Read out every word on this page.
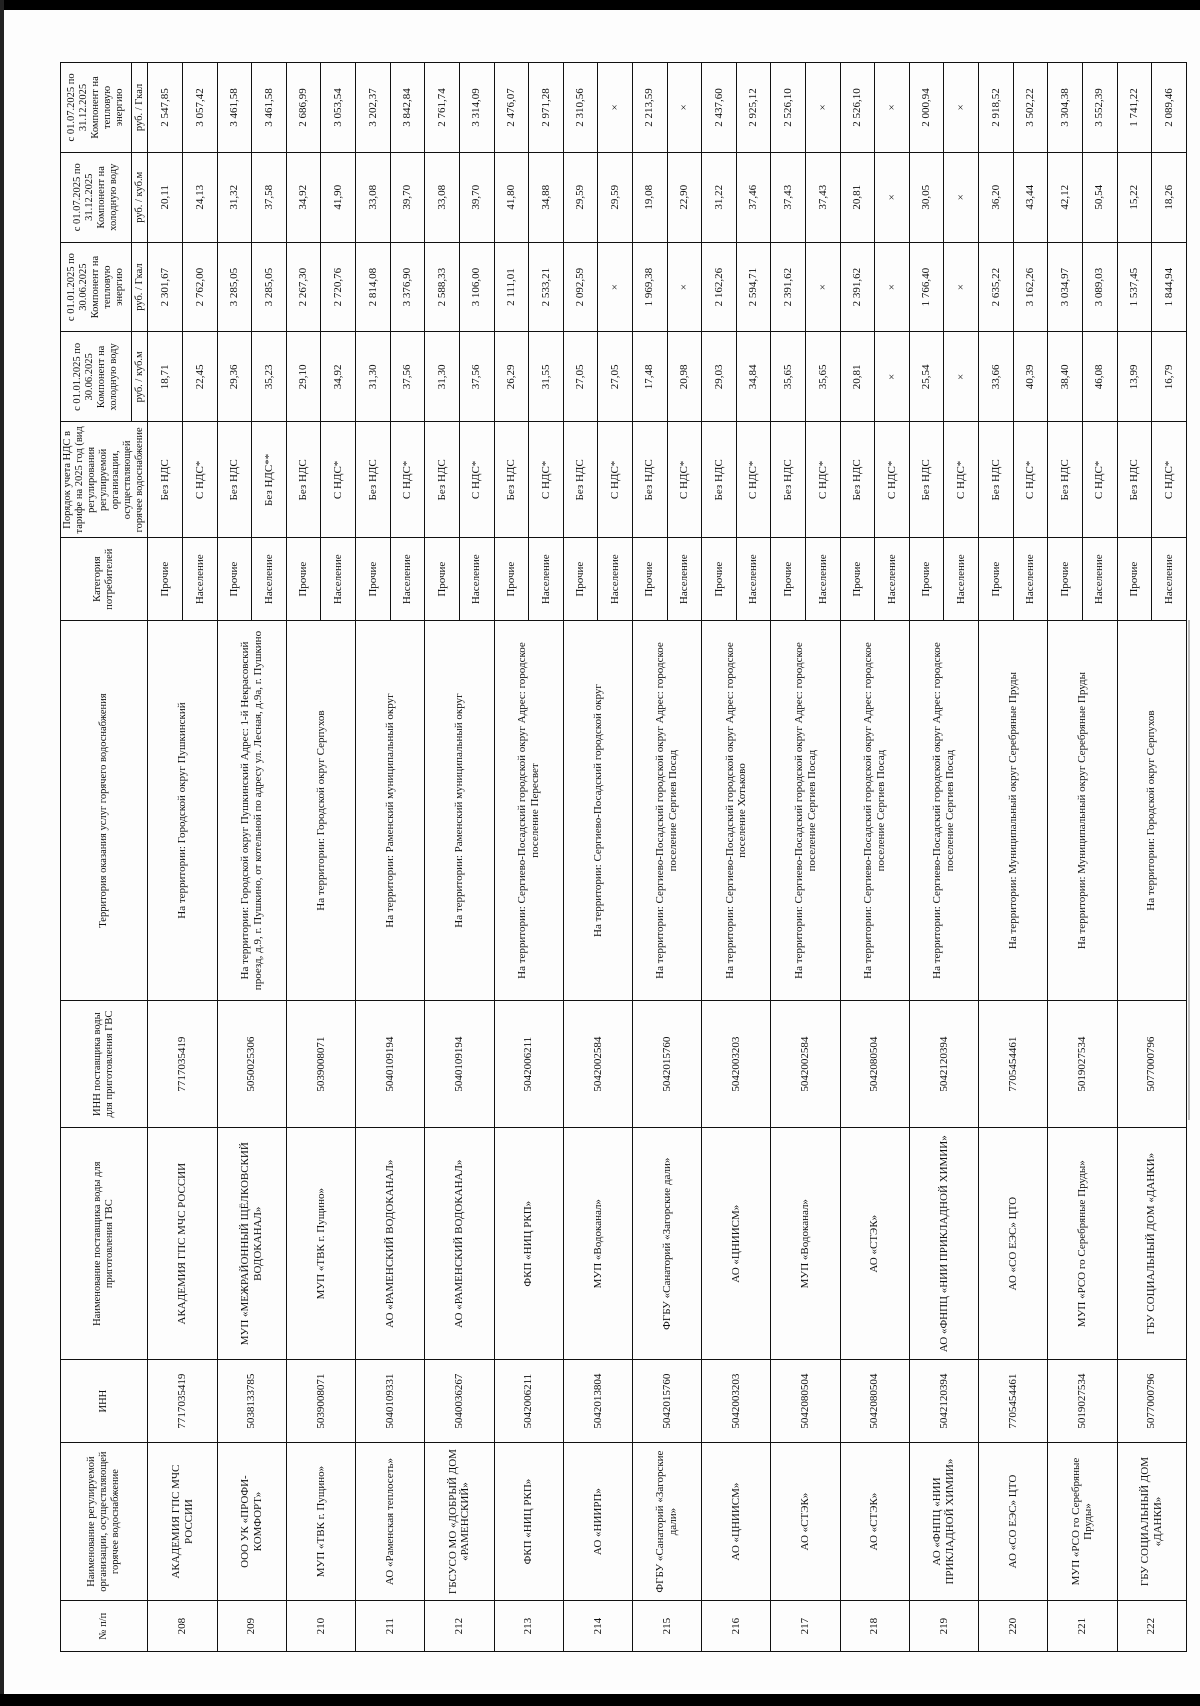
№ п/п	Наименование регулируемой организации, осуществляющей горячее водоснабжение	ИНН	Наименование поставщика воды для приготовления ГВС	ИНН поставщика воды для приготовления ГВС	Территория оказания услуг горячего водоснабжения	Категория потребителей	Порядок учета НДС в тарифе на 2025 год (вид регулирования регулируемой организации, осуществляющей горячее водоснабжение	с 01.01.2025 по 30.06.2025 Компонент на холодную воду	с 01.01.2025 по 30.06.2025 Компонент на тепловую энергию	с 01.07.2025 по 31.12.2025 Компонент на холодную воду	с 01.07.2025 по 31.12.2025 Компонент на тепловую энергию
								руб. / куб.м	руб. / Гкал	руб. / куб.м	руб. / Гкал
208	АКАДЕМИЯ ГПС МЧС РОССИИ	7717035419	АКАДЕМИЯ ГПС МЧС РОССИИ	7717035419	На территории: Городской округ Пушкинский	Прочие	Без НДС	18,71	2 301,67	20,11	2 547,85
						Население	С НДС*	22,45	2 762,00	24,13	3 057,42
209	ООО УК «ПРОФИ-КОМФОРТ»	5038133785	МУП «МЕЖРАЙОННЫЙ ЩЁЛКОВСКИЙ ВОДОКАНАЛ»	5050025306	На территории: Городской округ Пушкинский Адрес: 1-й Некрасовский проезд, д.9, г. Пушкино, от котельной по адресу ул. Лесная, д.9а, г. Пушкино	Прочие	Без НДС	29,36	3 285,05	31,32	3 461,58
						Население	Без НДС**	35,23	3 285,05	37,58	3 461,58
210	МУП «ТВК г. Пущино»	5039008071	МУП «ТВК г. Пущино»	5039008071	На территории: Городской округ Серпухов	Прочие	Без НДС	29,10	2 267,30	34,92	2 686,99
						Население	С НДС*	34,92	2 720,76	41,90	3 053,54
211	АО «Раменская теплосеть»	5040109331	АО «РАМЕНСКИЙ ВОДОКАНАЛ»	5040109194	На территории: Раменский муниципальный округ	Прочие	Без НДС	31,30	2 814,08	33,08	3 202,37
						Население	С НДС*	37,56	3 376,90	39,70	3 842,84
212	ГБСУСО МО «ДОБРЫЙ ДОМ «РАМЕНСКИЙ»	5040036267	АО «РАМЕНСКИЙ ВОДОКАНАЛ»	5040109194	На территории: Раменский муниципальный округ	Прочие	Без НДС	31,30	2 588,33	33,08	2 761,74
						Население	С НДС*	37,56	3 106,00	39,70	3 314,09
213	ФКП «НИЦ РКП»	5042006211	ФКП «НИЦ РКП»	5042006211	На территории: Сергиево-Посадский городской округ Адрес: городское поселение Пересвет	Прочие	Без НДС	26,29	2 111,01	41,80	2 476,07
						Население	С НДС*	31,55	2 533,21	34,88	2 971,28
214	АО «НИИРП»	5042013804	МУП «Водоканал»	5042002584	На территории: Сергиево-Посадский городской округ	Прочие	Без НДС	27,05	2 092,59	29,59	2 310,56
						Население	С НДС*	27,05	×	29,59	×
215	ФГБУ «Санаторий «Загорские дали»	5042015760	ФГБУ «Санаторий «Загорские дали»	5042015760	На территории: Сергиево-Посадский городской округ Адрес: городское поселение Сергиев Посад	Прочие	Без НДС	17,48	1 969,38	19,08	2 213,59
						Население	С НДС*	20,98	×	22,90	×
216	АО «ЦНИИСМ»	5042003203	АО «ЦНИИСМ»	5042003203	На территории: Сергиево-Посадский городской округ Адрес: городское поселение Хотьково	Прочие	Без НДС	29,03	2 162,26	31,22	2 437,60
						Население	С НДС*	34,84	2 594,71	37,46	2 925,12
217	АО «СТЭК»	5042080504	МУП «Водоканал»	5042002584	На территории: Сергиево-Посадский городской округ Адрес: городское поселение Сергиев Посад	Прочие	Без НДС	35,65	2 391,62	37,43	2 526,10
						Население	С НДС*	35,65	×	37,43	×
218	АО «СТЭК»	5042080504	АО «СТЭК»	5042080504	На территории: Сергиево-Посадский городской округ Адрес: городское поселение Сергиев Посад	Прочие	Без НДС	20,81	2 391,62	20,81	2 526,10
						Население	С НДС*	×	×	×	×
219	АО «ФНПЦ «НИИ ПРИКЛАДНОЙ ХИМИИ»	5042120394	АО «ФНПЦ «НИИ ПРИКЛАДНОЙ ХИМИИ»	5042120394	На территории: Сергиево-Посадский городской округ Адрес: городское поселение Сергиев Посад	Прочие	Без НДС	25,54	1 766,40	30,05	2 000,94
						Население	С НДС*	×	×	×	×
220	АО «СО ЕЭС» ЦТО	7705454461	АО «СО ЕЭС» ЦТО	7705454461	На территории: Муниципальный округ Серебряные Пруды	Прочие	Без НДС	33,66	2 635,22	36,20	2 918,52
						Население	С НДС*	40,39	3 162,26	43,44	3 502,22
221	МУП «РСО го Серебряные Пруды»	5019027534	МУП «РСО го Серебряные Пруды»	5019027534	На территории: Муниципальный округ Серебряные Пруды	Прочие	Без НДС	38,40	3 034,97	42,12	3 304,38
						Население	С НДС*	46,08	3 089,03	50,54	3 552,39
222	ГБУ СОЦИАЛЬНЫЙ ДОМ «ДАНКИ»	5077000796	ГБУ СОЦИАЛЬНЫЙ ДОМ «ДАНКИ»	5077000796	На территории: Городской округ Серпухов	Прочие	Без НДС	13,99	1 537,45	15,22	1 741,22
						Население	С НДС*	16,79	1 844,94	18,26	2 089,46
